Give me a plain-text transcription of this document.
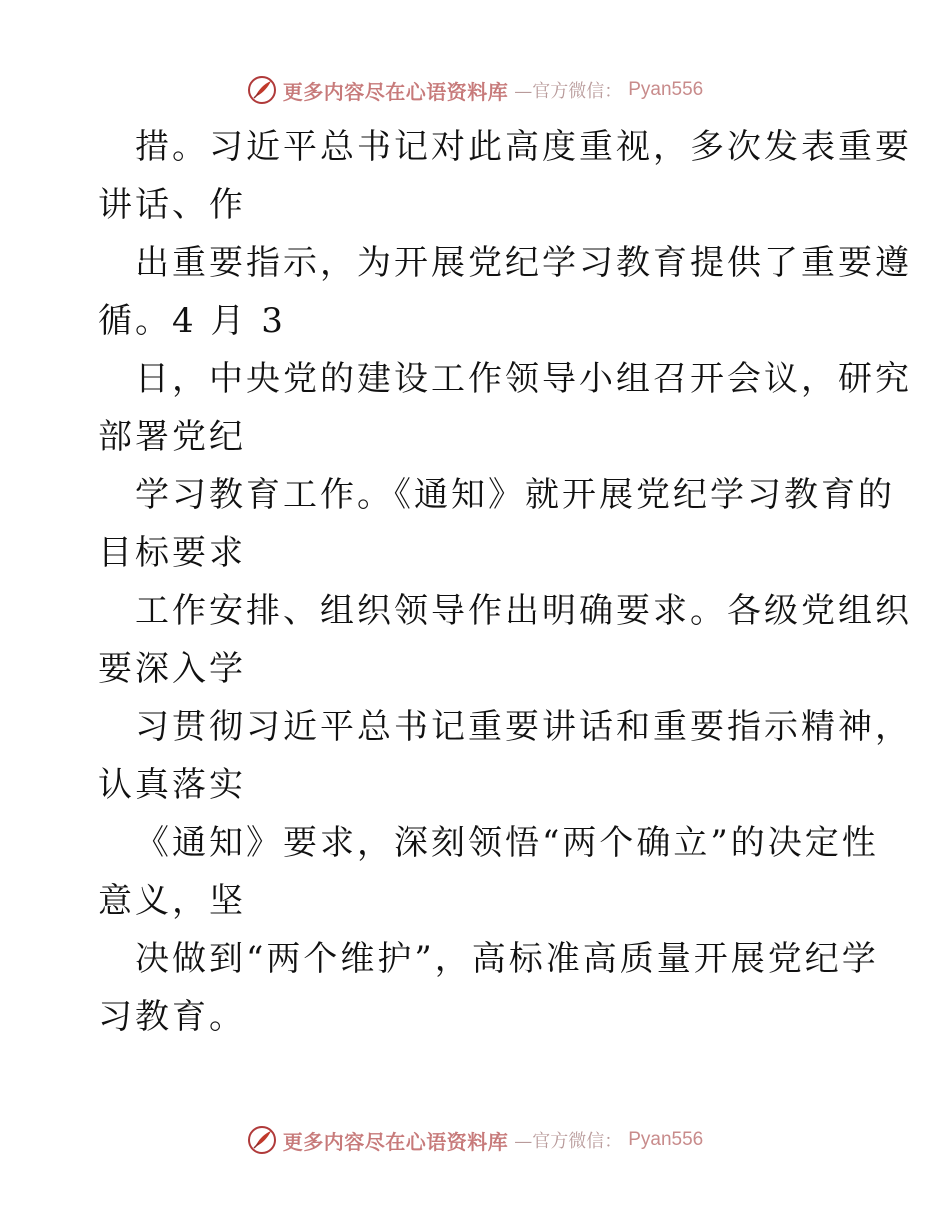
更多内容尽在心语资料库 —官方微信： Pyan556
措。习近平总书记对此高度重视，多次发表重要
讲话、作
出重要指示，为开展党纪学习教育提供了重要遵
循。4 月 3
日，中央党的建设工作领导小组召开会议，研究
部署党纪
学习教育工作。《通知》就开展党纪学习教育的
目标要求
工作安排、组织领导作出明确要求。各级党组织
要深入学
习贯彻习近平总书记重要讲话和重要指示精神，
认真落实
《通知》要求，深刻领悟“两个确立”的决定性
意义，坚
决做到“两个维护”，高标准高质量开展党纪学
习教育。
更多内容尽在心语资料库 —官方微信： Pyan556
